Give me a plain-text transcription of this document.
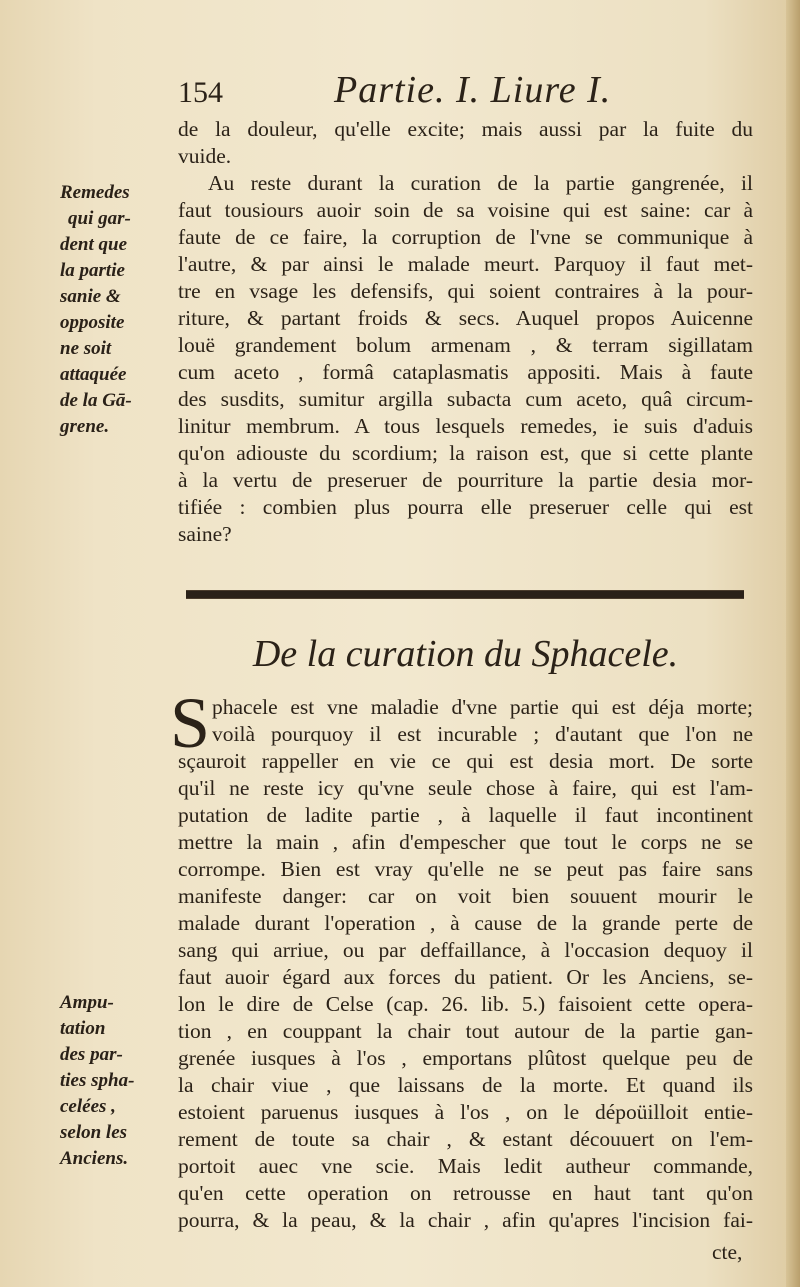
154	Partie. I. Liure I.
de la douleur, qu'elle excite; mais aussi par la fuite du
vuide.
Au reste durant la curation de la partie gangrenée, il
faut tousiours auoir soin de sa voisine qui est saine: car à
faute de ce faire, la corruption de l'vne se communique à
l'autre, & par ainsi le malade meurt. Parquoy il faut met-
tre en vsage les defensifs, qui soient contraires à la pour-
riture, & partant froids & secs. Auquel propos Auicenne
louë grandement bolum armenam , & terram sigillatam
cum aceto , formâ cataplasmatis appositi. Mais à faute
des susdits, sumitur argilla subacta cum aceto, quâ circum-
linitur membrum. A tous lesquels remedes, ie suis d'aduis
qu'on adiouste du scordium; la raison est, que si cette plante
à la vertu de preseruer de pourriture la partie desia mor-
tifiée : combien plus pourra elle preseruer celle qui est
saine?
Remedes
qui gar-
dent que
la partie
sanie &
opposite
ne soit
attaquée
de la Gā-
grene.
De la curation du Sphacele.
S phacele est vne maladie d'vne partie qui est déja morte;
voilà pourquoy il est incurable ; d'autant que l'on ne
sçauroit rappeller en vie ce qui est desia mort. De sorte
qu'il ne reste icy qu'vne seule chose à faire, qui est l'am-
putation de ladite partie , à laquelle il faut incontinent
mettre la main , afin d'empescher que tout le corps ne se
corrompe. Bien est vray qu'elle ne se peut pas faire sans
manifeste danger: car on voit bien souuent mourir le
malade durant l'operation , à cause de la grande perte de
sang qui arriue, ou par deffaillance, à l'occasion dequoy il
faut auoir égard aux forces du patient. Or les Anciens, se-
lon le dire de Celse (cap. 26. lib. 5.) faisoient cette opera-
tion , en couppant la chair tout autour de la partie gan-
grenée iusques à l'os , emportans plûtost quelque peu de
la chair viue , que laissans de la morte. Et quand ils
estoient paruenus iusques à l'os , on le dépoüilloit entie-
rement de toute sa chair , & estant découuert on l'em-
portoit auec vne scie. Mais ledit autheur commande,
qu'en cette operation on retrousse en haut tant qu'on
pourra, & la peau, & la chair , afin qu'apres l'incision fai-
Ampu-
tation
des par-
ties spha-
celées ,
selon les
Anciens.
cte,
